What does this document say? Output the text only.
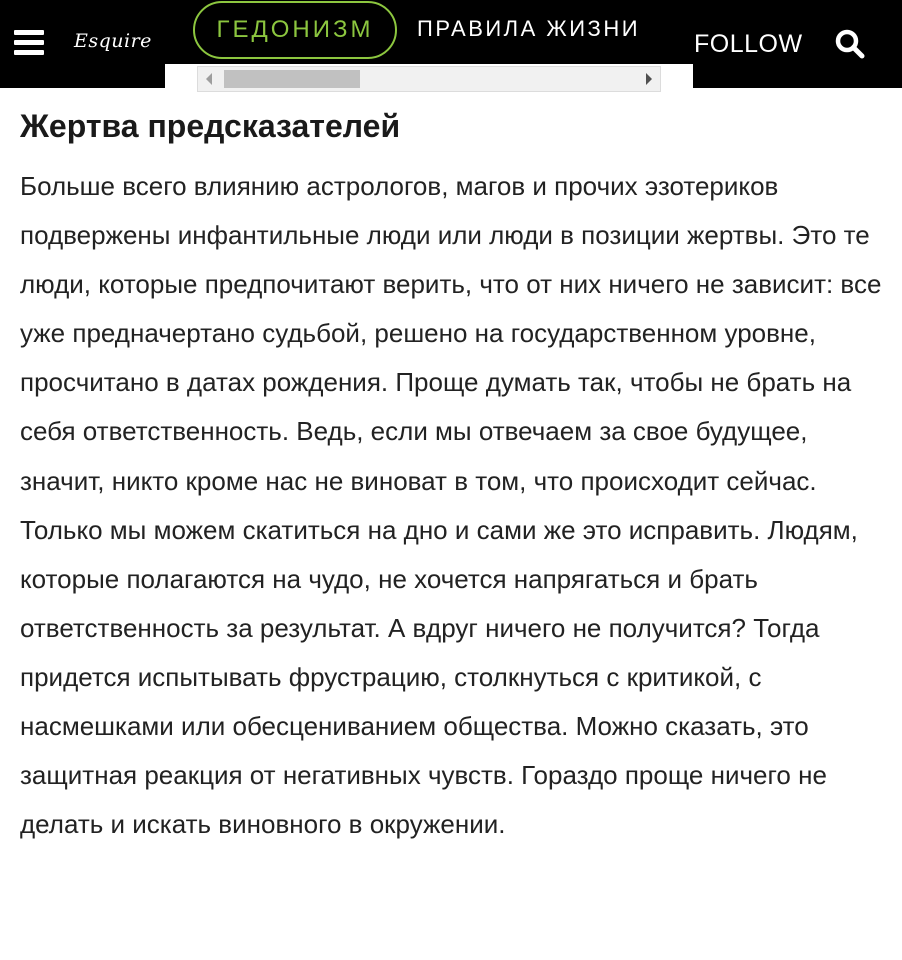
Esquire	ГЕДОНИЗМ	ПРАВИЛА ЖИЗНИ
FOLLOW
Жертва предсказателей

Больше всего влиянию астрологов, магов и прочих эзотериков подвержены инфантильные люди или люди в позиции жертвы. Это те люди, которые предпочитают верить, что от них ничего не зависит: все уже предначертано судьбой, решено на государственном уровне, просчитано в датах рождения. Проще думать так, чтобы не брать на себя ответственность. Ведь, если мы отвечаем за свое будущее, значит, никто кроме нас не виноват в том, что происходит сейчас. Только мы можем скатиться на дно и сами же это исправить. Людям, которые полагаются на чудо, не хочется напрягаться и брать ответственность за результат. А вдруг ничего не получится? Тогда придется испытывать фрустрацию, столкнуться с критикой, с насмешками или обесцениванием общества. Можно сказать, это защитная реакция от негативных чувств. Гораздо проще ничего не делать и искать виновного в окружении.
